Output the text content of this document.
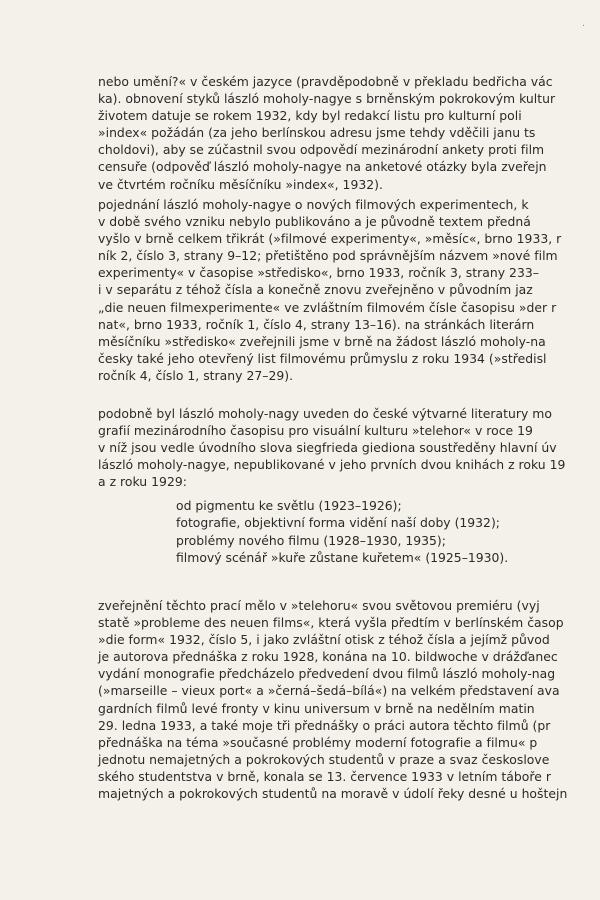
·
nebo umění?« v českém jazyce (pravděpodobně v překladu bedřicha vác
ka). obnovení styků lászló moholy-nagye s brněnským pokrokovým kultur
životem datuje se rokem 1932, kdy byl redakcí listu pro kulturní poli
»index« požádán (za jeho berlínskou adresu jsme tehdy vděčili janu ts
choldovi), aby se zúčastnil svou odpovědí mezinárodní ankety proti film
censuře (odpověď lászló moholy-nagye na anketové otázky byla zveřejn
ve čtvrtém ročníku měsíčníku »index«, 1932).
pojednání lászló moholy-nagye o nových filmových experimentech, k
v době svého vzniku nebylo publikováno a je původně textem předná
vyšlo v brně celkem třikrát (»filmové experimenty«, »měsíc«, brno 1933, r
ník 2, číslo 3, strany 9–12; přetištěno pod správnějším názvem »nové film
experimenty« v časopise »středisko«, brno 1933, ročník 3, strany 233–
i v separátu z téhož čísla a konečně znovu zveřejněno v původním jaz
„die neuen filmexperimente« ve zvláštním filmovém čísle časopisu »der r
nat«, brno 1933, ročník 1, číslo 4, strany 13–16). na stránkách literárn
měsíčníku »středisko« zveřejnili jsme v brně na žádost lászló moholy-na
česky také jeho otevřený list filmovému průmyslu z roku 1934 (»středisl
ročník 4, číslo 1, strany 27–29).
podobně byl lászló moholy-nagy uveden do české výtvarné literatury mo
grafií mezinárodního časopisu pro visuální kulturu »telehor« v roce 19
v níž jsou vedle úvodního slova siegfrieda giediona soustředěny hlavní úv
lászló moholy-nagye, nepublikované v jeho prvních dvou knihách z roku 19
a z roku 1929:
od pigmentu ke světlu (1923–1926);
fotografie, objektivní forma vidění naší doby (1932);
problémy nového filmu (1928–1930, 1935);
filmový scénář »kuře zůstane kuřetem« (1925–1930).
zveřejnění těchto prací mělo v »telehoru« svou světovou premiéru (vyj
statě »probleme des neuen films«, která vyšla předtím v berlínském časop
»die form« 1932, číslo 5, i jako zvláštní otisk z téhož čísla a jejímž původ
je autorova přednáška z roku 1928, konána na 10. bildwoche v drážďanec
vydání monografie předcházelo předvedení dvou filmů lászló moholy-nag
(»marseille – vieux port« a »černá–šedá–bílá«) na velkém představení ava
gardních filmů levé fronty v kinu universum v brně na nedělním matin
29. ledna 1933, a také moje tři přednášky o práci autora těchto filmů (pr
přednáška na téma »současné problémy moderní fotografie a filmu« p
jednotu nemajetných a pokrokových studentů v praze a svaz českoslove
ského studentstva v brně, konala se 13. července 1933 v letním táboře r
majetných a pokrokových studentů na moravě v údolí řeky desné u hoštejn
